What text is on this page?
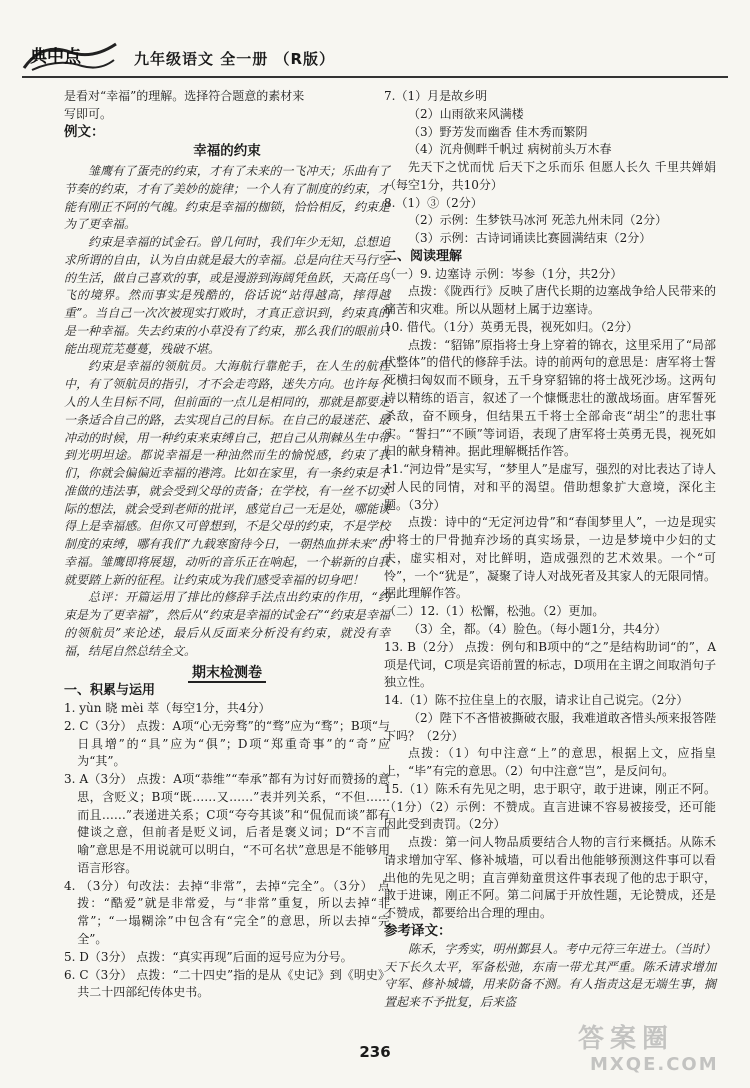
典中点	九年级语文 全一册 （R版）
是看对“幸福”的理解。选择符合题意的素材来
写即可。
例文：
幸福的约束
雏鹰有了蛋壳的约束，才有了未来的一飞冲天；乐曲有了节奏的约束，才有了美妙的旋律；一个人有了制度的约束，才能有刚正不阿的气魄。约束是幸福的枷锁，恰恰相反，约束是为了更幸福。
约束是幸福的试金石。曾几何时，我们年少无知，总想追求所谓的自由，认为自由就是最大的幸福。总是向往天马行空的生活，做自己喜欢的事，或是漫游到海阔凭鱼跃，天高任鸟飞的境界。然而事实是残酷的，俗话说“站得越高，摔得越重”。当自己一次次被现实打败时，才真正意识到，约束真的是一种幸福。失去约束的小草没有了约束，那么我们的眼前只能出现荒芜蔓蔓，残破不堪。
约束是幸福的领航员。大海航行靠舵手，在人生的航程中，有了领航员的指引，才不会走弯路，迷失方向。也许每个人的人生目标不同，但前面的一点儿是相同的，那就是都要走一条适合自己的路，去实现自己的目标。在自己的最迷茫、最冲动的时候，用一种约束来束缚自己，把自己从荆棘丛生中带到光明坦途。都说幸福是一种油然而生的愉悦感，约束了我们，你就会偏偏近幸福的港湾。比如在家里，有一条约束是不准做的违法事，就会受到父母的责备；在学校，有一丝不切实际的想法，就会受到老师的批评，感觉自己一无是处，哪能谈得上是幸福感。但你又可曾想到，不是父母的约束，不是学校制度的束缚，哪有我们“九载寒窗待今日，一朝热血拼未来”的幸福。雏鹰即将展翅，动听的音乐正在响起，一个崭新的自我就要踏上新的征程。让约束成为我们感受幸福的切身吧！
总评：开篇运用了排比的修辞手法点出约束的作用，“约束是为了更幸福”，然后从“约束是幸福的试金石”“约束是幸福的领航员”来论述，最后从反面来分析没有约束，就没有幸福，结尾自然总结全文。
期末检测卷
一、积累与运用
1. yùn 晓 mèi 萃（每空1分，共4分）
2. C（3分） 点拨：A项“心无旁骛”的“骛”应为“骛”；B项“与日具增”的“具”应为“俱”；D项“郑重奇事”的“奇”应为“其”。
3. A（3分） 点拨：A项“恭维”“奉承”都有为讨好而赞扬的意思，含贬义；B项“既……又……”表并列关系，“不但……而且……”表递进关系；C项“夸夸其谈”和“侃侃而谈”都有健谈之意，但前者是贬义词，后者是褒义词；D“不言而喻”意思是不用说就可以明白，“不可名状”意思是不能够用语言形容。
4. （3分）句改法：去掉“非常”，去掉“完全”。（3分） 点拨：“酷爱”就是非常爱，与“非常”重复，所以去掉“非常”；“一塌糊涂”中包含有“完全”的意思，所以去掉“完全”。
5. D（3分） 点拨：“真实再现”后面的逗号应为分号。
6. C（3分） 点拨：“二十四史”指的是从《史记》到《明史》共二十四部纪传体史书。
7.（1）月是故乡明
（2）山雨欲来风满楼
（3）野芳发而幽香 佳木秀而繁阴
（4）沉舟侧畔千帆过 病树前头万木春
先天下之忧而忧 后天下之乐而乐 但愿人长久 千里共婵娟（每空1分，共10分）
8.（1）③（2分）
（2）示例：生梦铁马冰河 死恙九州未同（2分）
（3）示例：古诗词诵读比赛圆满结束（2分）
二、阅读理解
（一）9. 边塞诗 示例：岑参（1分，共2分）
点拨：《陇西行》反映了唐代长期的边塞战争给人民带来的痛苦和灾难。所以从题材上属于边塞诗。
10. 借代。（1分）英勇无畏，视死如归。（2分）
点拨：“貂锦”原指将士身上穿着的锦衣，这里采用了“局部代整体”的借代的修辞手法。诗的前两句的意思是：唐军将士誓死横扫匈奴而不顾身，五千身穿貂锦的将士战死沙场。这两句诗以精练的语言，叙述了一个慷慨悲壮的激战场面。唐军誓死杀敌，奋不顾身，但结果五千将士全部命丧“胡尘”的悲壮事实。“誓扫”“不顾”等词语，表现了唐军将士英勇无畏，视死如归的献身精神。据此理解概括作答。
11.“河边骨”是实写，“梦里人”是虚写，强烈的对比表达了诗人对人民的同情，对和平的渴望。借助想象扩大意境，深化主题。（3分）
点拨：诗中的“无定河边骨”和“春闺梦里人”，一边是现实中将士的尸骨抛弃沙场的真实场景，一边是梦境中少妇的丈夫，虚实相对，对比鲜明，造成强烈的艺术效果。一个“可怜”，一个“犹是”，凝聚了诗人对战死者及其家人的无限同情。据此理解作答。
（二）12.（1）松懈，松弛。（2）更加。
（3）全，都。（4）脸色。（每小题1分，共4分）
13. B（2分） 点拨：例句和B项中的“之”是结构助词“的”，A项是代词，C项是宾语前置的标志，D项用在主谓之间取消句子独立性。
14.（1）陈不拉住皇上的衣服，请求让自己说完。（2分）
（2）陛下不吝惜被撕破衣服，我难道敢吝惜头颅来报答陛下吗？（2分）
点拨：（1）句中注意“上”的意思，根据上文，应指皇上，“毕”有完的意思。（2）句中注意“岂”，是反问句。
15.（1）陈禾有先见之明，忠于职守，敢于进谏，刚正不阿。（1分）（2）示例：不赞成。直言进谏不容易被接受，还可能因此受到责罚。（2分）
点拨：第一问人物品质要结合人物的言行来概括。从陈禾请求增加守军、修补城墙，可以看出他能够预测这件事可以看出他的先见之明；直言弹劾童贯这件事表现了他的忠于职守，敢于进谏，刚正不阿。第二问属于开放性题，无论赞成，还是不赞成，都要给出合理的理由。
参考译文：
陈禾，字秀实，明州鄞县人。考中元符三年进士。（当时）天下长久太平，军备松弛，东南一带尤其严重。陈禾请求增加守军、修补城墙，用来防备不测。有人指责这是无端生事，搁置起来不予批复，后来盗
236	答案圈
MXQE.COM
